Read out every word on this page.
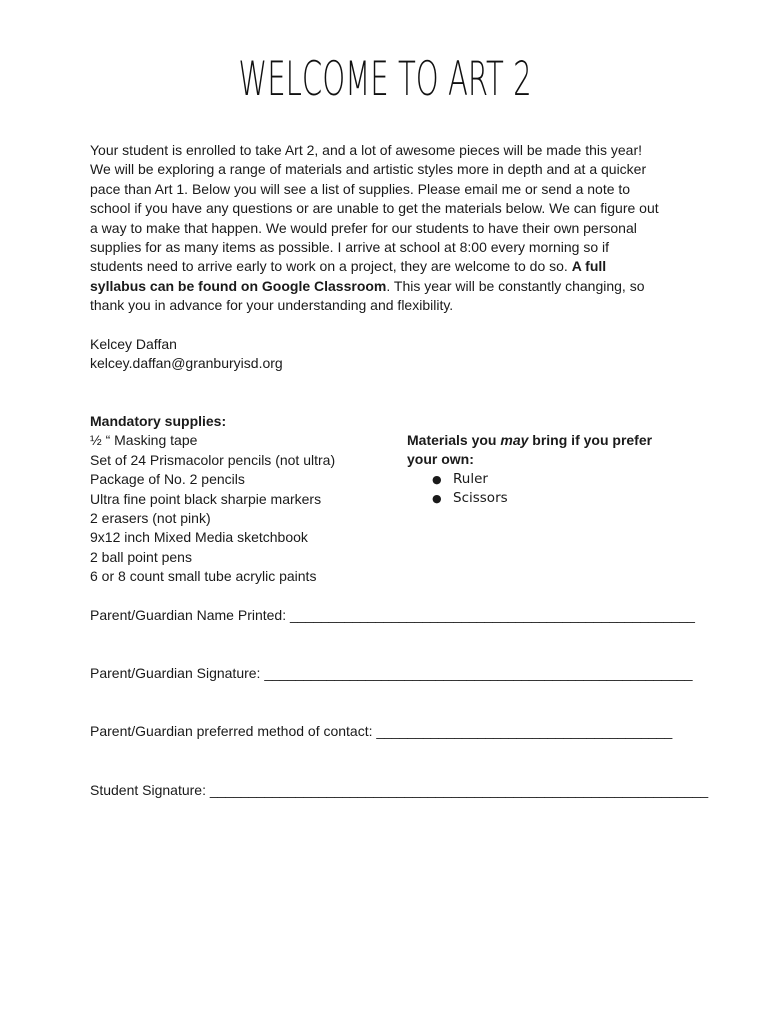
WELCOME TO ART 2
Your student is enrolled to take Art 2, and a lot of awesome pieces will be made this year! We will be exploring a range of materials and artistic styles more in depth and at a quicker pace than Art 1. Below you will see a list of supplies. Please email me or send a note to school if you have any questions or are unable to get the materials below. We can figure out a way to make that happen. We would prefer for our students to have their own personal supplies for as many items as possible. I arrive at school at 8:00 every morning so if students need to arrive early to work on a project, they are welcome to do so. A full syllabus can be found on Google Classroom. This year will be constantly changing, so thank you in advance for your understanding and flexibility.
Kelcey Daffan
kelcey.daffan@granburyisd.org
Mandatory supplies:
½ “ Masking tape
Set of 24 Prismacolor pencils (not ultra)
Package of No. 2 pencils
Ultra fine point black sharpie markers
2 erasers (not pink)
9x12 inch Mixed Media sketchbook
2 ball point pens
6 or 8 count small tube acrylic paints
Materials you may bring if you prefer your own:
● Ruler
● Scissors
Parent/Guardian Name Printed: ____________________________________________________
Parent/Guardian Signature: _______________________________________________________
Parent/Guardian preferred method of contact: ______________________________________
Student Signature: ________________________________________________________________
